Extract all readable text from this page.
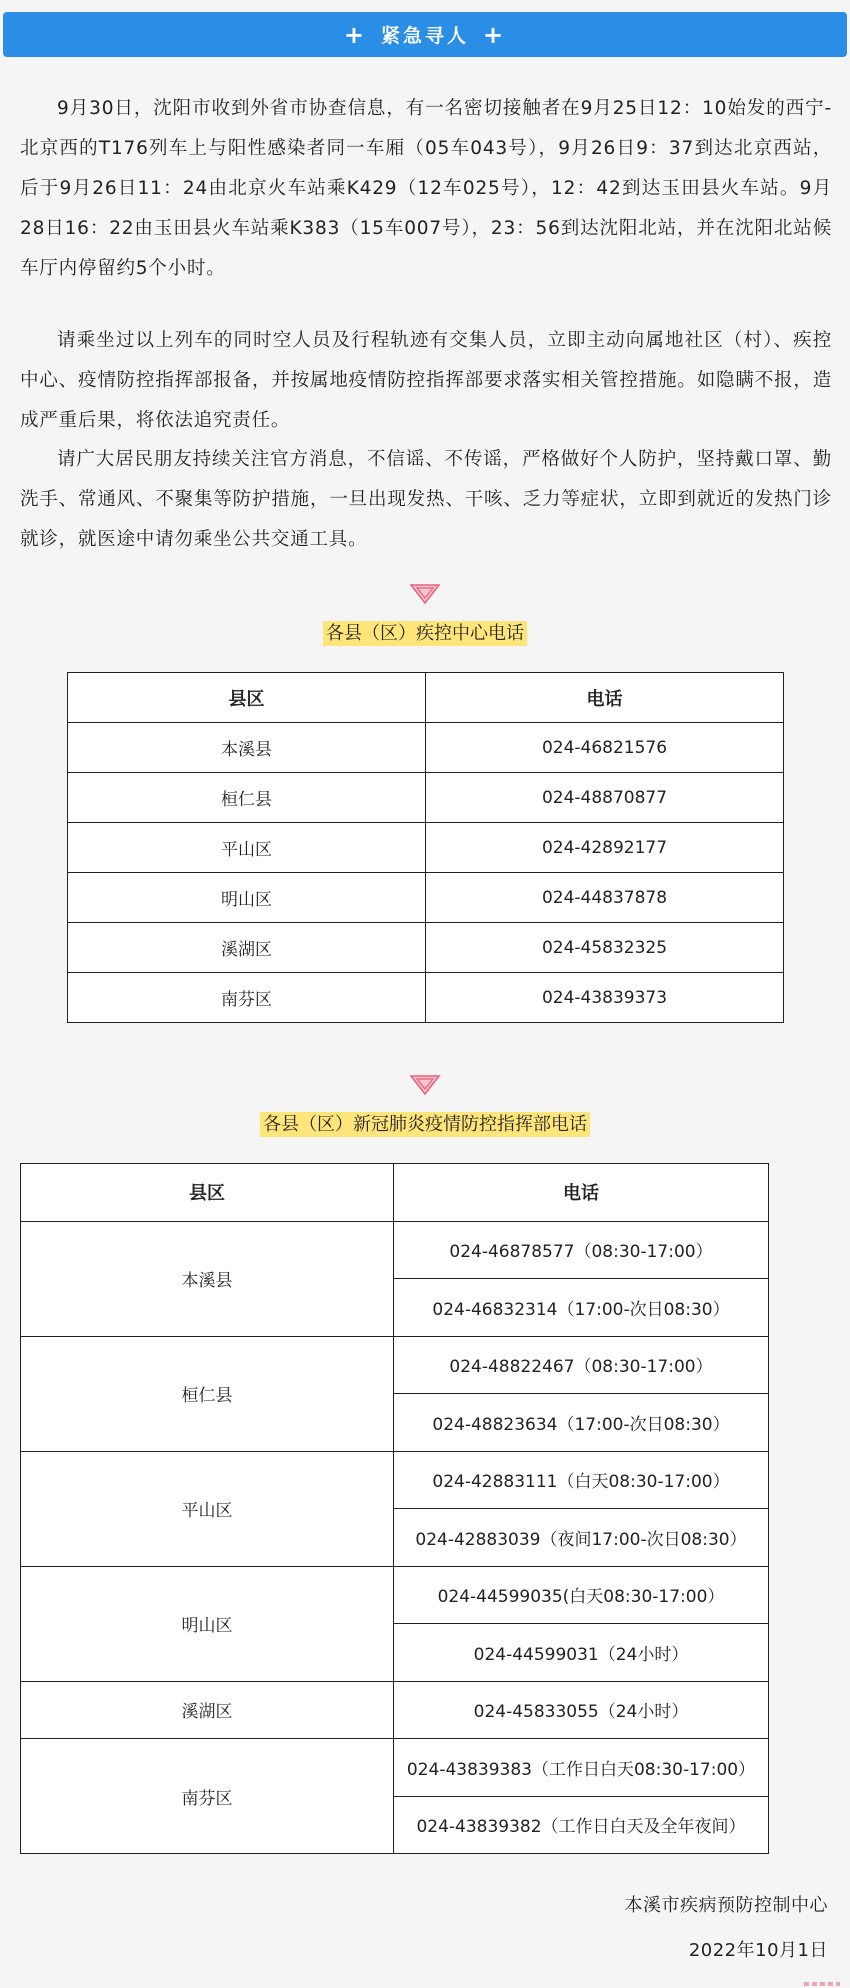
+ 紧急寻人 +

9月30日，沈阳市收到外省市协查信息，有一名密切接触者在9月25日12：10始发的西宁-北京西的T176列车上与阳性感染者同一车厢（05车043号），9月26日9：37到达北京西站，后于9月26日11：24由北京火车站乘K429（12车025号），12：42到达玉田县火车站。9月28日16：22由玉田县火车站乘K383（15车007号），23：56到达沈阳北站，并在沈阳北站候车厅内停留约5个小时。

请乘坐过以上列车的同时空人员及行程轨迹有交集人员，立即主动向属地社区（村）、疾控中心、疫情防控指挥部报备，并按属地疫情防控指挥部要求落实相关管控措施。如隐瞒不报，造成严重后果，将依法追究责任。

请广大居民朋友持续关注官方消息，不信谣、不传谣，严格做好个人防护，坚持戴口罩、勤洗手、常通风、不聚集等防护措施，一旦出现发热、干咳、乏力等症状，立即到就近的发热门诊就诊，就医途中请勿乘坐公共交通工具。

各县（区）疾控中心电话
县区	电话
本溪县	024-46821576
桓仁县	024-48870877
平山区	024-42892177
明山区	024-44837878
溪湖区	024-45832325
南芬区	024-43839373
各县（区）新冠肺炎疫情防控指挥部电话
县区	电话
本溪县	024-46878577（08:30-17:00）
	024-46832314（17:00-次日08:30）
桓仁县	024-48822467（08:30-17:00）
	024-48823634（17:00-次日08:30）
平山区	024-42883111（白天08:30-17:00）
	024-42883039（夜间17:00-次日08:30）
明山区	024-44599035(白天08:30-17:00）
	024-44599031（24小时）
溪湖区	024-45833055（24小时）
南芬区	024-43839383（工作日白天08:30-17:00）
	024-43839382（工作日白天及全年夜间）
本溪市疾病预防控制中心
2022年10月1日
